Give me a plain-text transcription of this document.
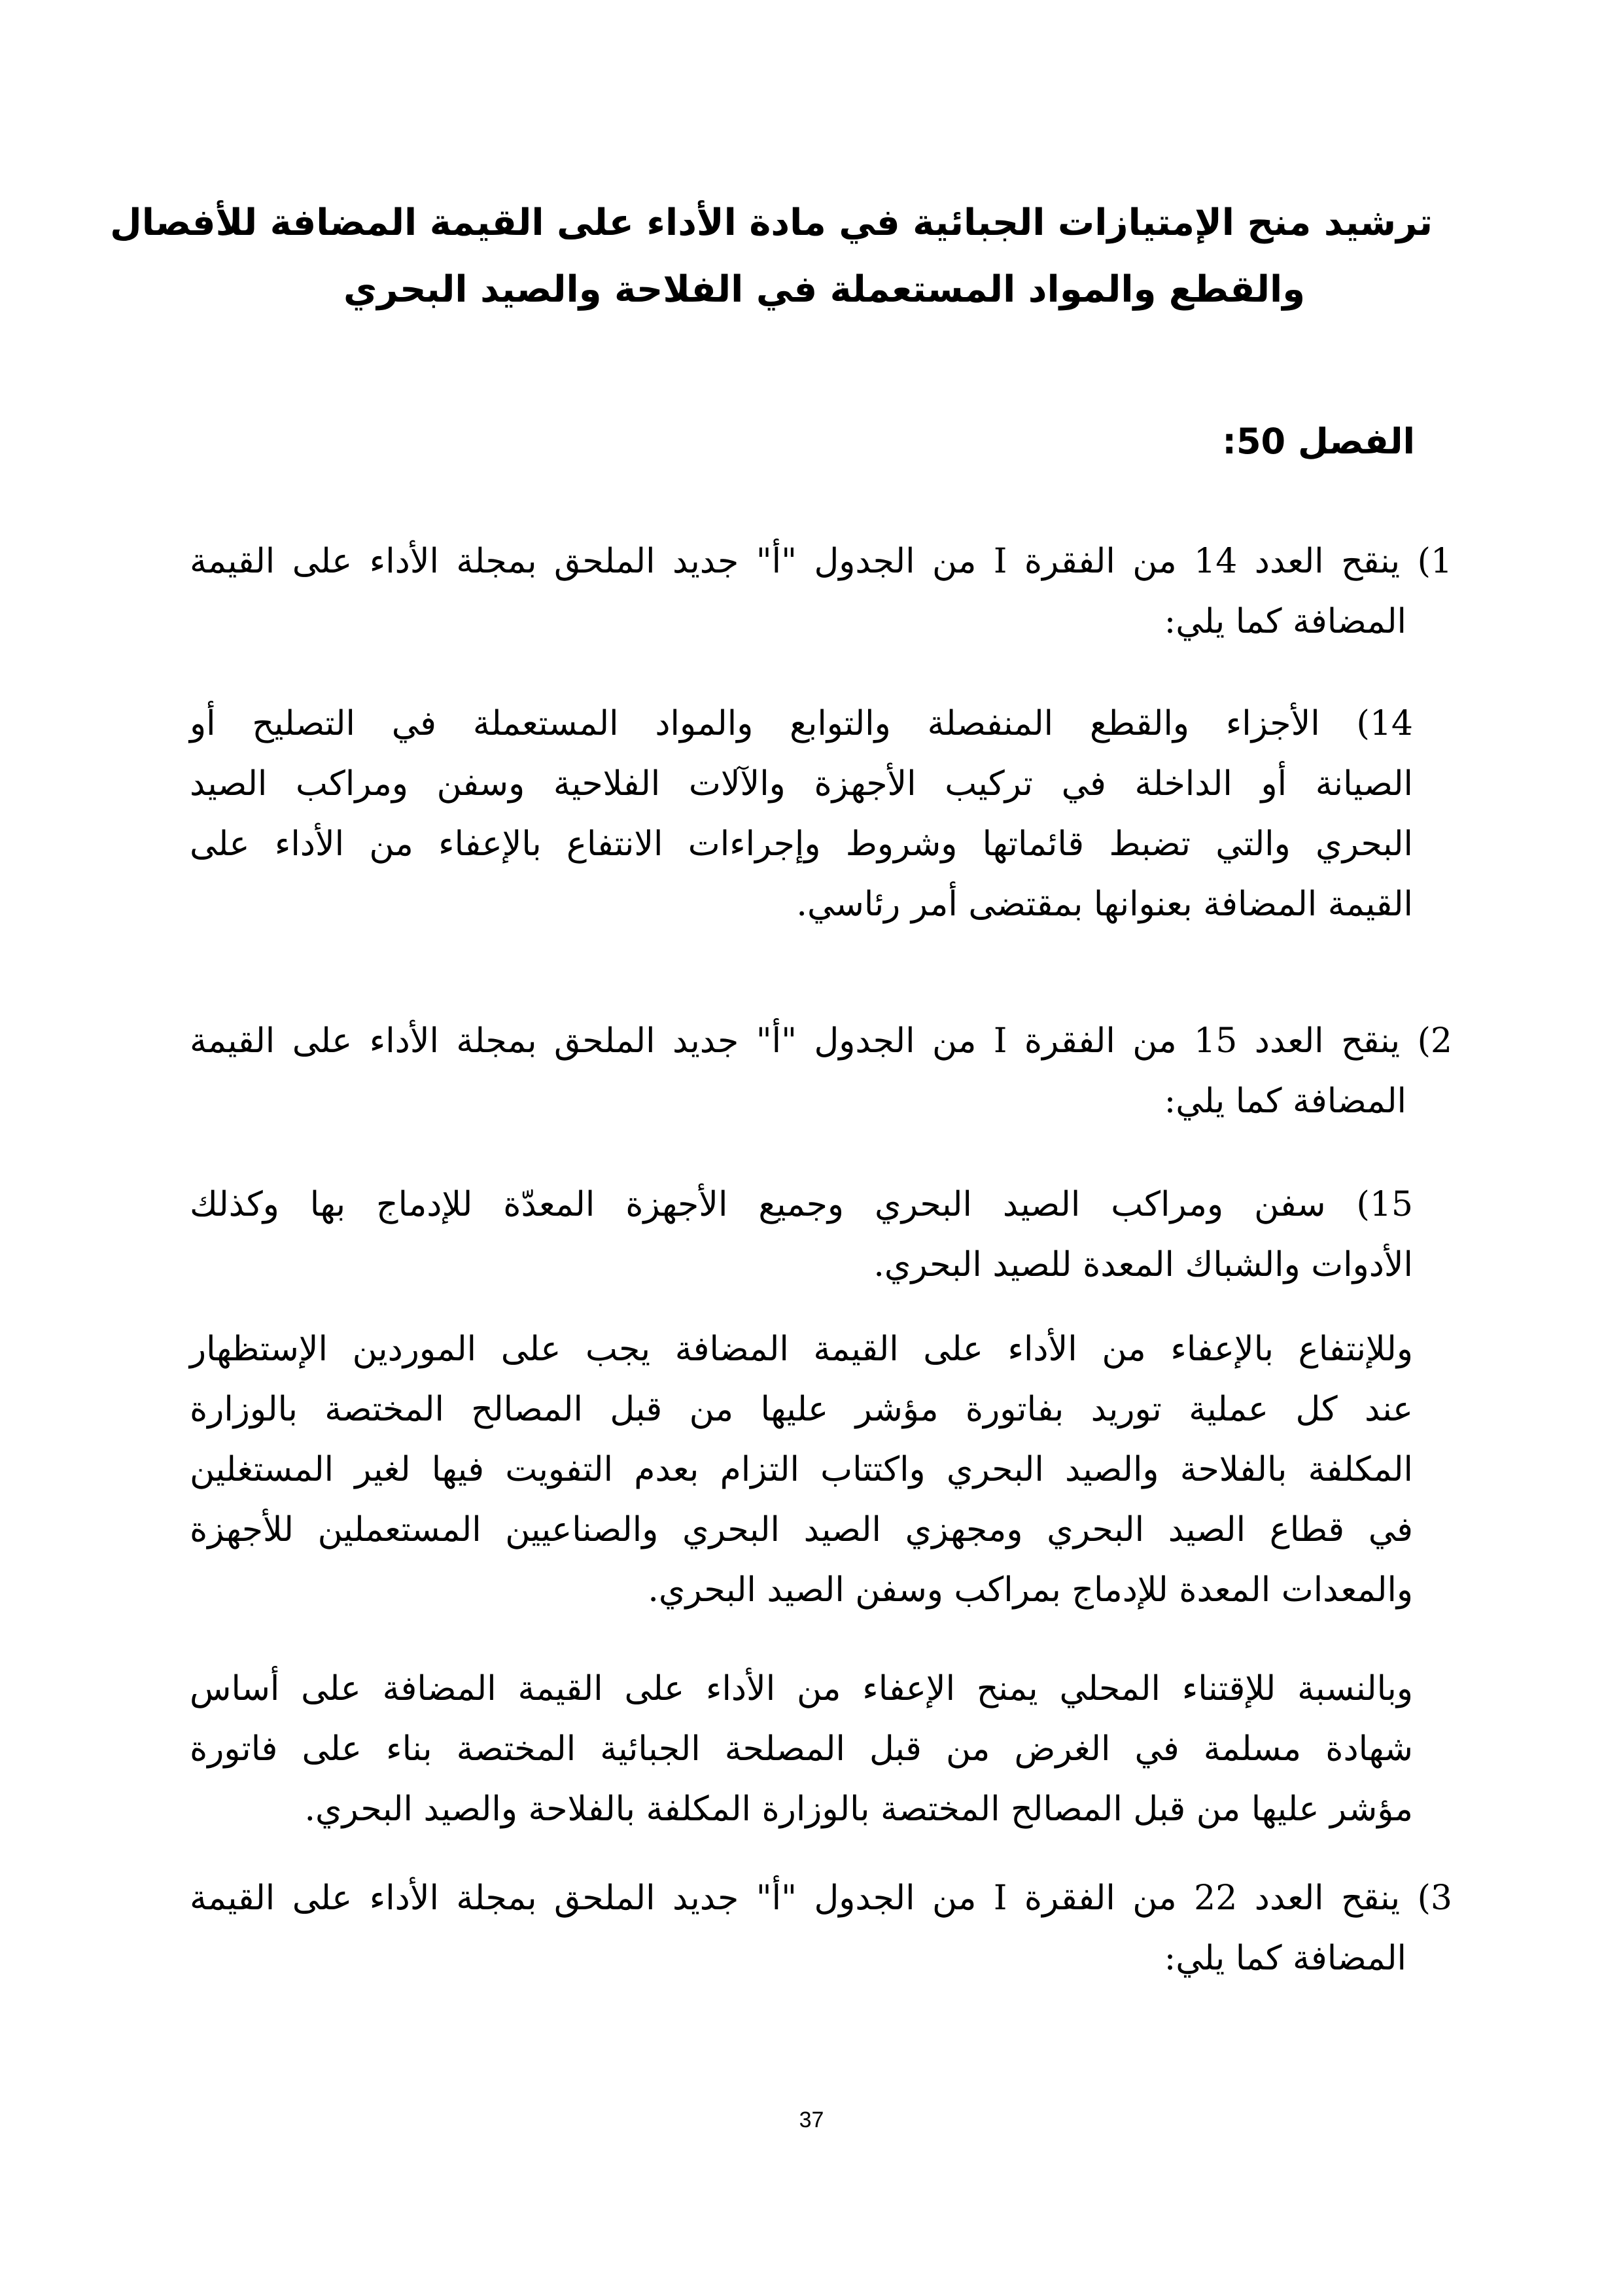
ترشيد منح الإمتيازات الجبائية في مادة الأداء على القيمة المضافة للأفصال
والقطع والمواد المستعملة في الفلاحة والصيد البحري
الفصل 50:
1) ينقح العدد 14 من الفقرة I من الجدول "أ" جديد الملحق بمجلة الأداء على القيمة
المضافة كما يلي:
14) الأجزاء والقطع المنفصلة والتوابع والمواد المستعملة في التصليح أو
الصيانة أو الداخلة في تركيب الأجهزة والآلات الفلاحية وسفن ومراكب الصيد
البحري والتي تضبط قائماتها وشروط وإجراءات الانتفاع بالإعفاء من الأداء على
القيمة المضافة بعنوانها بمقتضى أمر رئاسي.
2) ينقح العدد 15 من الفقرة I من الجدول "أ" جديد الملحق بمجلة الأداء على القيمة
المضافة كما يلي:
15) سفن ومراكب الصيد البحري وجميع الأجهزة المعدّة للإدماج بها وكذلك
الأدوات والشباك المعدة للصيد البحري.
وللإنتفاع بالإعفاء من الأداء على القيمة المضافة يجب على الموردين الإستظهار
عند كل عملية توريد بفاتورة مؤشر عليها من قبل المصالح المختصة بالوزارة
المكلفة بالفلاحة والصيد البحري واكتتاب التزام بعدم التفويت فيها لغير المستغلين
في قطاع الصيد البحري ومجهزي الصيد البحري والصناعيين المستعملين للأجهزة
والمعدات المعدة للإدماج بمراكب وسفن الصيد البحري.
وبالنسبة للإقتناء المحلي يمنح الإعفاء من الأداء على القيمة المضافة على أساس
شهادة مسلمة في الغرض من قبل المصلحة الجبائية المختصة بناء على فاتورة
مؤشر عليها من قبل المصالح المختصة بالوزارة المكلفة بالفلاحة والصيد البحري.
3) ينقح العدد 22 من الفقرة I من الجدول "أ" جديد الملحق بمجلة الأداء على القيمة
المضافة كما يلي:
37
